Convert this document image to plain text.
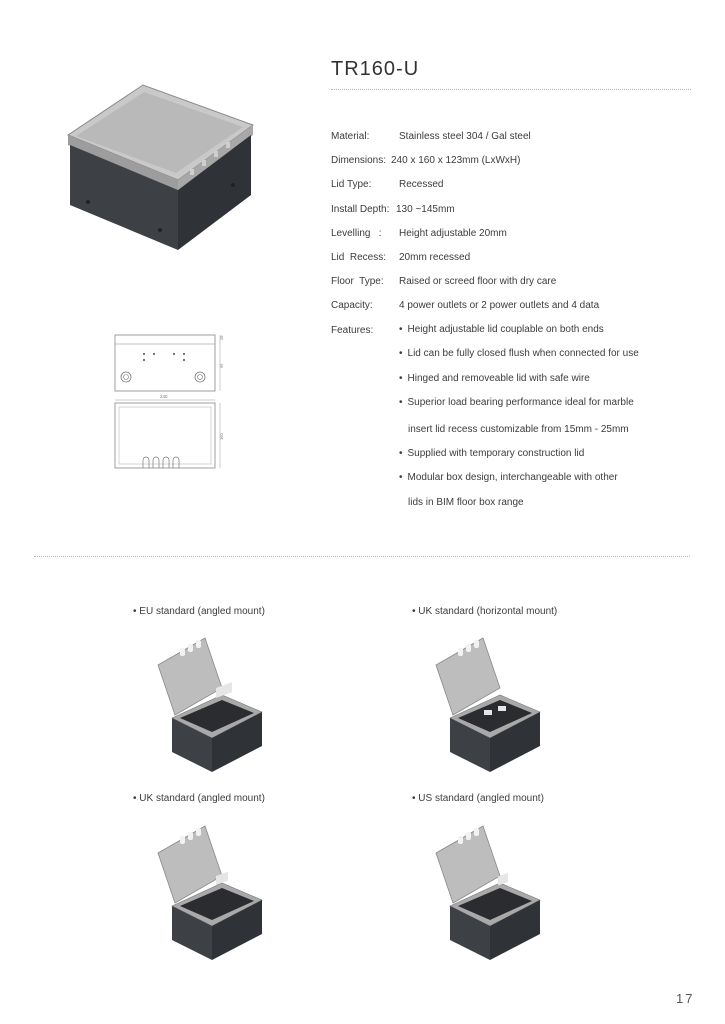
TR160-U
28
95
240
160
Material:	Stainless steel 304 / Gal steel
Dimensions: 240 x 160 x 123mm (LxWxH)
Lid Type:	Recessed
Install Depth: 130 ~145mm
Levelling   : Height adjustable 20mm
Lid  Recess: 20mm recessed
Floor  Type: Raised or screed floor with dry care
Capacity:	4 power outlets or 2 power outlets and 4 data
Features:	• Height adjustable lid couplable on both ends
• Lid can be fully closed flush when connected for use
• Hinged and removeable lid with safe wire
• Superior load bearing performance ideal for marble
insert lid recess customizable from 15mm - 25mm
• Supplied with temporary construction lid
• Modular box design, interchangeable with other
lids in BIM floor box range
• EU standard (angled mount)	• UK standard (horizontal mount)
• UK standard (angled mount)	• US standard (angled mount)
17
